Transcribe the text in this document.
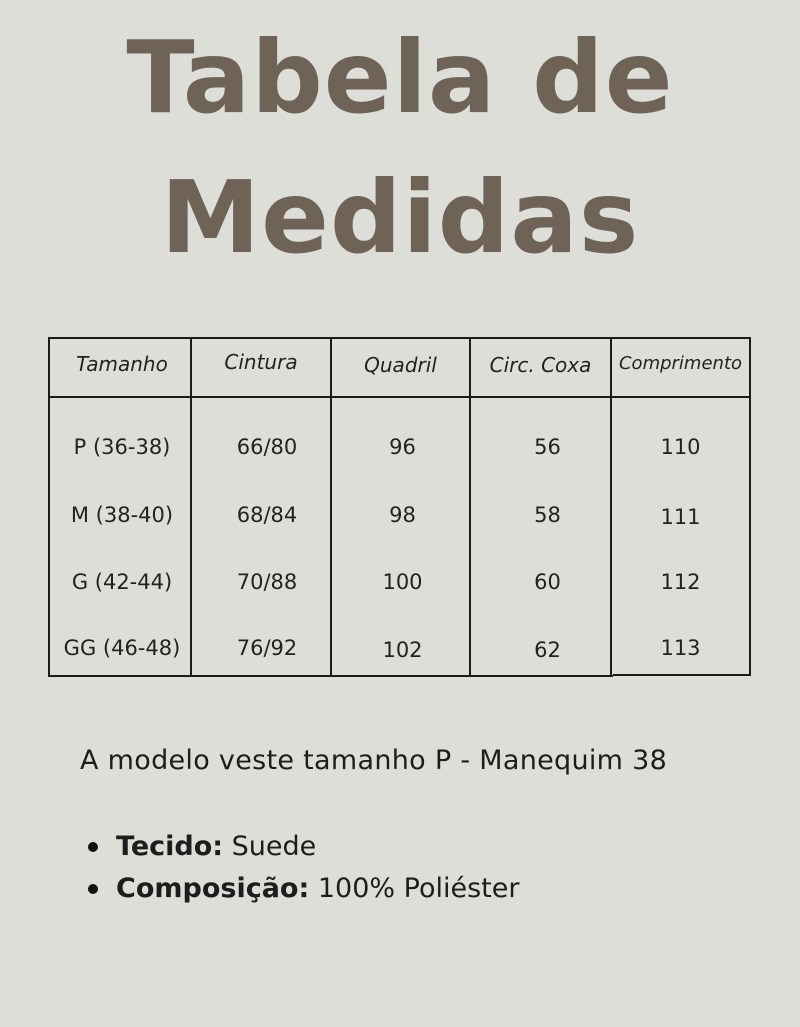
Tabela de
Medidas
Tamanho	Cintura	Quadril	Circ. Coxa	Comprimento
P (36-38)	66/80	96	56	110
M (38-40)	68/84	98	58	111
G (42-44)	70/88	100	60	112
GG (46-48)	76/92	102	62	113
A modelo veste tamanho P - Manequim 38
Tecido: Suede
Composição: 100% Poliéster
